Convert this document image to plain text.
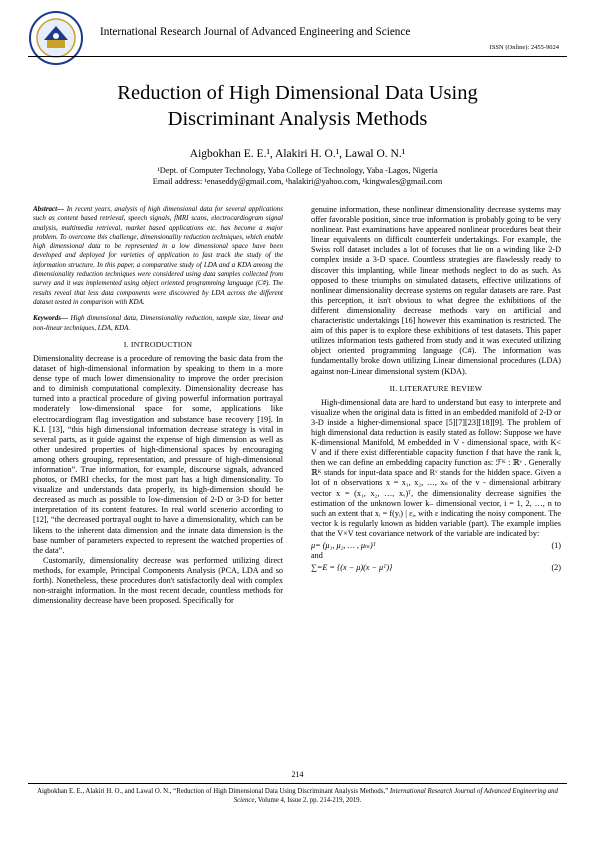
International Research Journal of Advanced Engineering and Science
ISSN (Online): 2455-9024
Reduction of High Dimensional Data Using
Discriminant Analysis Methods
Aigbokhan E. E.¹, Alakiri H. O.¹, Lawal O. N.¹
¹Dept. of Computer Technology, Yaba College of Technology, Yaba -Lagos, Nigeria
Email address: ¹enaseddy@gmail.com, ¹halakiri@yahoo.com, ¹kingwales@gmail.com
Abstract— In recent years, analysis of high dimensional data for several applications such as content based retrieval, speech signals, fMRI scans, electrocardiogram signal analysis, multimedia retrieval, market based applications etc. has become a major problem. To overcome this challenge, dimensionality reduction techniques, which enable high dimensional data to be represented in a low dimensional space have been developed and deployed for varieties of application to fast track the study of the information structure. In this paper, a comparative study of LDA and a KDA among the dimensionality reduction techniques were considered using data samples collected from survey and it was implemented using object oriented programming language (C#). The results reveal that less data components were discovered by LDA across the different dataset tested in comparison with KDA.
Keywords— High dimensional data, Dimensionality reduction, sample size, linear and non-linear techniques, LDA, KDA.
I. INTRODUCTION

Dimensionality decrease is a procedure of removing the basic data from the dataset of high-dimensional information by speaking to them in a more dense type of much lower dimensionality to improve the order precision and to diminish computational complexity. Dimensionality decrease has turned into a practical procedure of giving powerful information portrayal moderately low-dimensional space for some, applications like electrocardiogram flag investigation and substance base recovery [19]. In K.I. [13], “this high dimensional information decrease strategy is vital in several parts, as it guide against the expense of high dimension as well as other undesired properties of high-dimensional spaces by encouraging among others grouping, representation, and pressure of high-dimensional information”. True information, for example, discourse signals, advanced photos, or fMRI checks, for the most part has a high dimensionality. To visualize and understands data properly, its high-dimension should be decreased as much as possible to low-dimension of 2-D or 3-D for better interpretation of its content features. In real world scenerio according to [12], “the decreased portrayal ought to have a dimensionality, which can be likens to the inherent data dimension and the innate data dimension is the base number of parameters expected to represent the watched properties of the data”.

Customarily, dimensionality decrease was performed utilizing direct methods, for example, Principal Components Analysis (PCA, LDA and so forth). Nonetheless, these procedures don't satisfactorily deal with complex non-straight information. In the most recent decade, countless methods for dimensionality decrease have been proposed. Specifically for

genuine information, these nonlinear dimensionality decrease systems may offer favorable position, since true information is probably going to be very nonlinear. Past examinations have appeared nonlinear procedures beat their linear equivalents on difficult counterfeit undertakings. For example, the Swiss roll dataset includes a lot of focuses that lie on a winding like 2-D complex inside a 3-D space. Countless strategies are flawlessly ready to discover this implanting, while linear methods neglect to do as such. As opposed to these triumphs on simulated datasets, effective utilizations of nonlinear dimensionality decrease systems on regular datasets are rare. Past this perception, it isn't obvious to what degree the exhibitions of the different dimensionality decrease methods vary on artificial and characteristic undertakings [16] however this examination is restricted. The aim of this paper is to explore these exhibitions of test datasets. This paper utilizes information tests gathered from study and it was executed utilizing object oriented programming language (C#). The information was fundamentally broke down utilizing Linear dimensional procedures (LDA) against non-Linear dimensional system (KDA).

II. LITERATURE REVIEW

High-dimensional data are hard to understand but easy to interprete and visualize when the original data is fitted in an embedded manifold of 2-D or 3-D inside a higher-dimensional space [5][7][23][18][9]. The problem of high dimensional data reduction is easily stated as follow: Suppose we have K-dimensional Manifold, M embedded in V - dimensional space, with K< V and if there exist differentiable capacity function f that have the rank k, then we can define an embedding capacity function as: ℱᴷ : ℝᵛ . Generally ℝᴷ stands for input-data space and Rᵛ stands for the hidden space. Given a lot of n observations x = x₁, x₂, …, xₙ of the v - dimensional arbitrary vector x = (x₁, x₂, …, xᵥ)ᵀ, the dimensionality decrease signifies the estimation of the unknown lower k– dimensional vector, i = 1, 2, …, n to such an extent that xᵢ = f(yᵢ) | εᵢ, with ε indicating the noisy component. The vector k is regularly known as hidden variable (part). The example implies that the V×V test covariance network of the variable are indicated by:

μ= (μ₁, μ₂, … , μₘ)ᵀ	(1)
and
∑=E = {(x − μ)(x − μᵀ)}	(2)
214
Aigbokhan E. E., Alakiri H. O., and Lawal O. N., “Reduction of High Dimensional Data Using Discriminant Analysis Methods,” International Research Journal of Advanced Engineering and Science, Volume 4, Issue 2, pp. 214-219, 2019.
